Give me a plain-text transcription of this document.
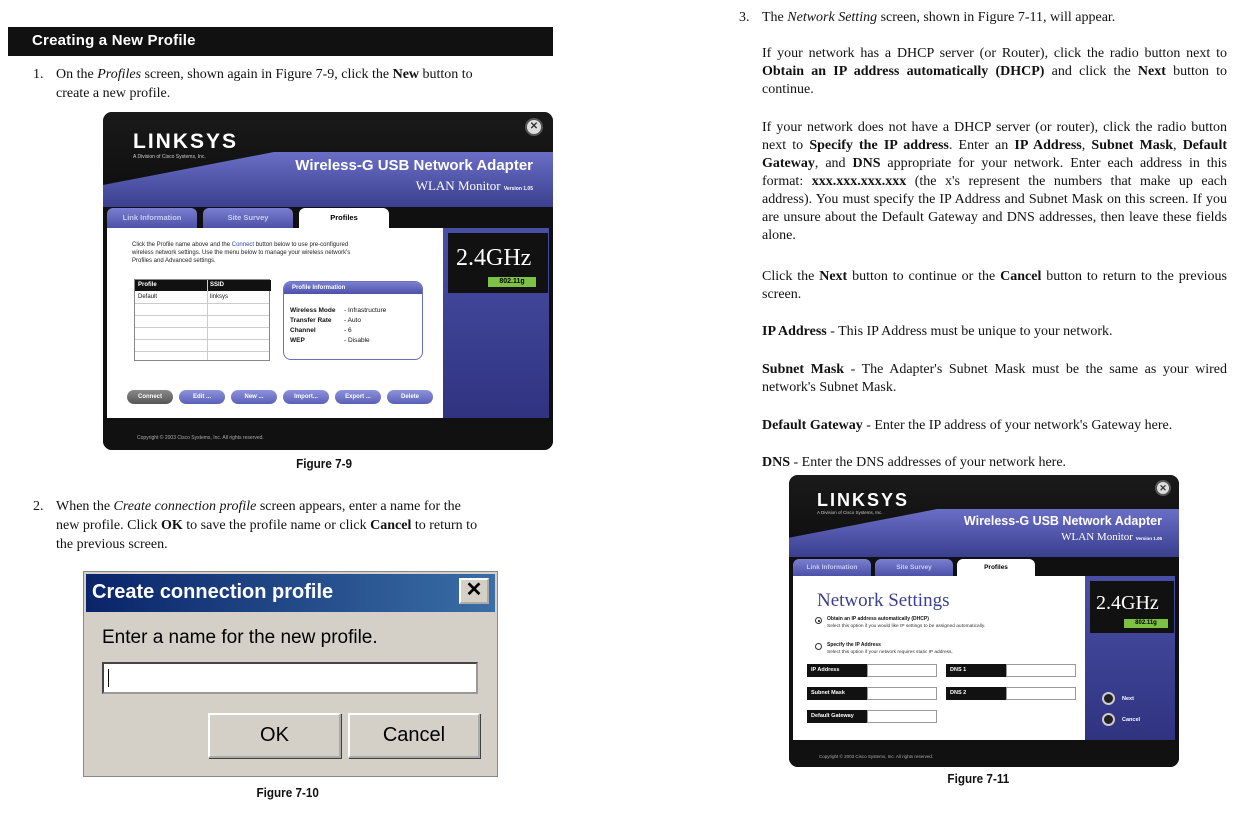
Creating a New Profile
1. On the Profiles screen, shown again in Figure 7-9, click the New button to
create a new profile.
LINKSYS
A Division of Cisco Systems, Inc.
✕
Wireless-G USB Network Adapter
WLAN Monitor Version 1.05
Link Information	Site Survey	Profiles
Click the Profile name above and the Connect button below to use pre-configured
wireless network settings. Use the menu below to manage your wireless network's
Profiles and Advanced settings.
Profile	SSID
Default	linksys
Profile Information
Wireless Mode - Infrastructure
Transfer Rate - Auto
Channel	- 6
WEP	- Disable
Connect	Edit ...	New ...	Import...	Export ...	Delete
2.4GHz
802.11g
Copyright © 2003 Cisco Systems, Inc. All rights reserved.
Figure 7-9
2. When the Create connection profile screen appears, enter a name for the
new profile. Click OK to save the profile name or click Cancel to return to
the previous screen.
Create connection profile	✕
Enter a name for the new profile.
OK	Cancel
Figure 7-10
3. The Network Setting screen, shown in Figure 7-11, will appear.
If your network has a DHCP server (or Router), click the radio button next to Obtain an IP address automatically (DHCP) and click the Next button to continue.
If your network does not have a DHCP server (or router), click the radio button next to Specify the IP address. Enter an IP Address, Subnet Mask, Default Gateway, and DNS appropriate for your network. Enter each address in this format: xxx.xxx.xxx.xxx (the x's represent the numbers that make up each address). You must specify the IP Address and Subnet Mask on this screen. If you are unsure about the Default Gateway and DNS addresses, then leave these fields alone.
Click the Next button to continue or the Cancel button to return to the previous screen.
IP Address - This IP Address must be unique to your network.
Subnet Mask - The Adapter's Subnet Mask must be the same as your wired network's Subnet Mask.
Default Gateway - Enter the IP address of your network's Gateway here.
DNS - Enter the DNS addresses of your network here.
LINKSYS
A Division of Cisco Systems, Inc.
✕
Wireless-G USB Network Adapter
WLAN Monitor Version 1.05
Link Information	Site Survey	Profiles
Network Settings
Obtain an IP address automatically (DHCP)
Select this option if you would like IP settings to be assigned automatically.
Specify the IP Address
Select this option if your network requires static IP address.
IP Address
Subnet Mask
Default Gateway
DNS 1
DNS 2
2.4GHz
802.11g
Next
Cancel
Copyright © 2003 Cisco Systems, Inc. All rights reserved.
Figure 7-11
